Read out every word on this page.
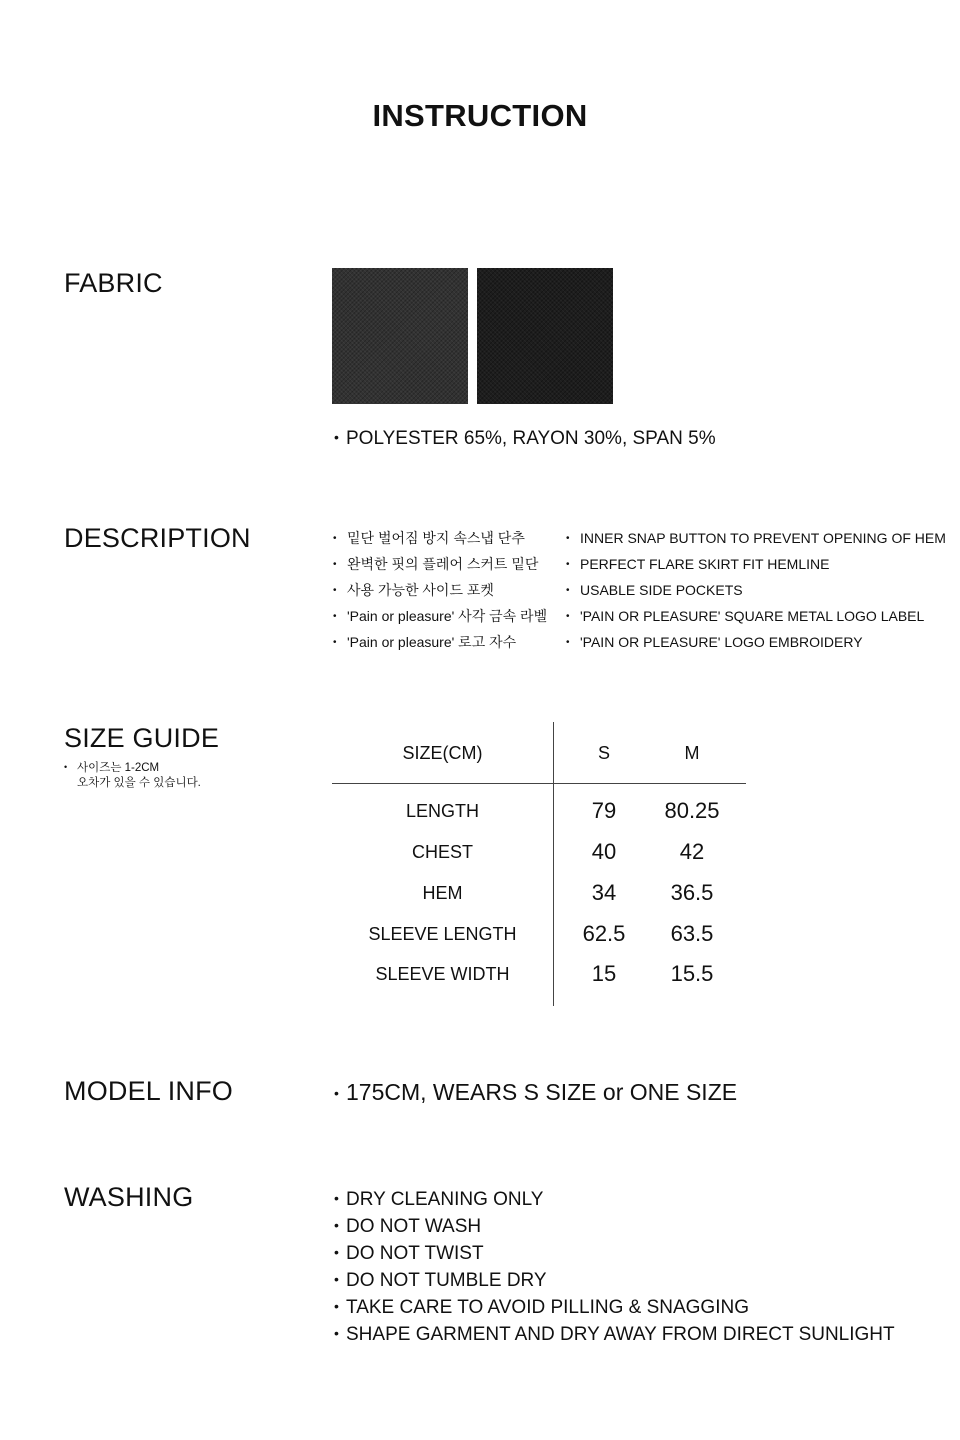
INSTRUCTION
FABRIC
• POLYESTER 65%, RAYON 30%, SPAN 5%
DESCRIPTION	• 밑단 벌어짐 방지 속스냅 단추
• 완벽한 핏의 플레어 스커트 밑단
• 사용 가능한 사이드 포켓
• 'Pain or pleasure' 사각 금속 라벨
• 'Pain or pleasure' 로고 자수
• INNER SNAP BUTTON TO PREVENT OPENING OF HEM
• PERFECT FLARE SKIRT FIT HEMLINE
• USABLE SIDE POCKETS
• 'PAIN OR PLEASURE' SQUARE METAL LOGO LABEL
• 'PAIN OR PLEASURE' LOGO EMBROIDERY
SIZE GUIDE
• 사이즈는 1-2CM
오차가 있을 수 있습니다.
SIZE(CM)	S	M
LENGTH	79	80.25
CHEST	40	42
HEM	34	36.5
SLEEVE LENGTH	62.5	63.5
SLEEVE WIDTH	15	15.5
MODEL INFO	• 175CM, WEARS S SIZE or ONE SIZE
WASHING	• DRY CLEANING ONLY
• DO NOT WASH
• DO NOT TWIST
• DO NOT TUMBLE DRY
• TAKE CARE TO AVOID PILLING & SNAGGING
• SHAPE GARMENT AND DRY AWAY FROM DIRECT SUNLIGHT
